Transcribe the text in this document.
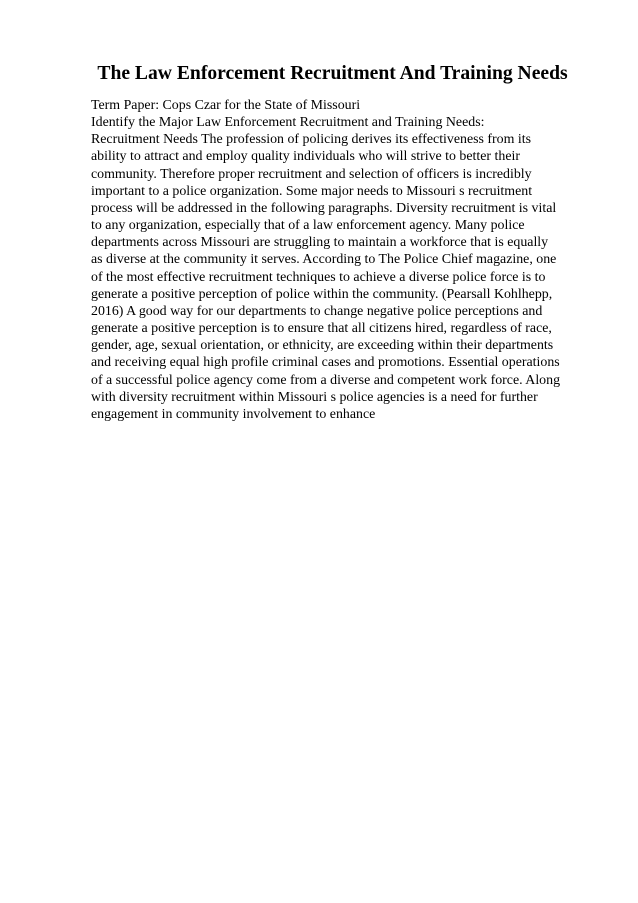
The Law Enforcement Recruitment And Training Needs
Term Paper: Cops Czar for the State of Missouri
Identify the Major Law Enforcement Recruitment and Training Needs:
Recruitment Needs The profession of policing derives its effectiveness from its
ability to attract and employ quality individuals who will strive to better their
community. Therefore proper recruitment and selection of officers is incredibly
important to a police organization. Some major needs to Missouri s recruitment
process will be addressed in the following paragraphs. Diversity recruitment is vital
to any organization, especially that of a law enforcement agency. Many police
departments across Missouri are struggling to maintain a workforce that is equally
as diverse at the community it serves. According to The Police Chief magazine, one
of the most effective recruitment techniques to achieve a diverse police force is to
generate a positive perception of police within the community. (Pearsall Kohlhepp,
2016) A good way for our departments to change negative police perceptions and
generate a positive perception is to ensure that all citizens hired, regardless of race,
gender, age, sexual orientation, or ethnicity, are exceeding within their departments
and receiving equal high profile criminal cases and promotions. Essential operations
of a successful police agency come from a diverse and competent work force. Along
with diversity recruitment within Missouri s police agencies is a need for further
engagement in community involvement to enhance
